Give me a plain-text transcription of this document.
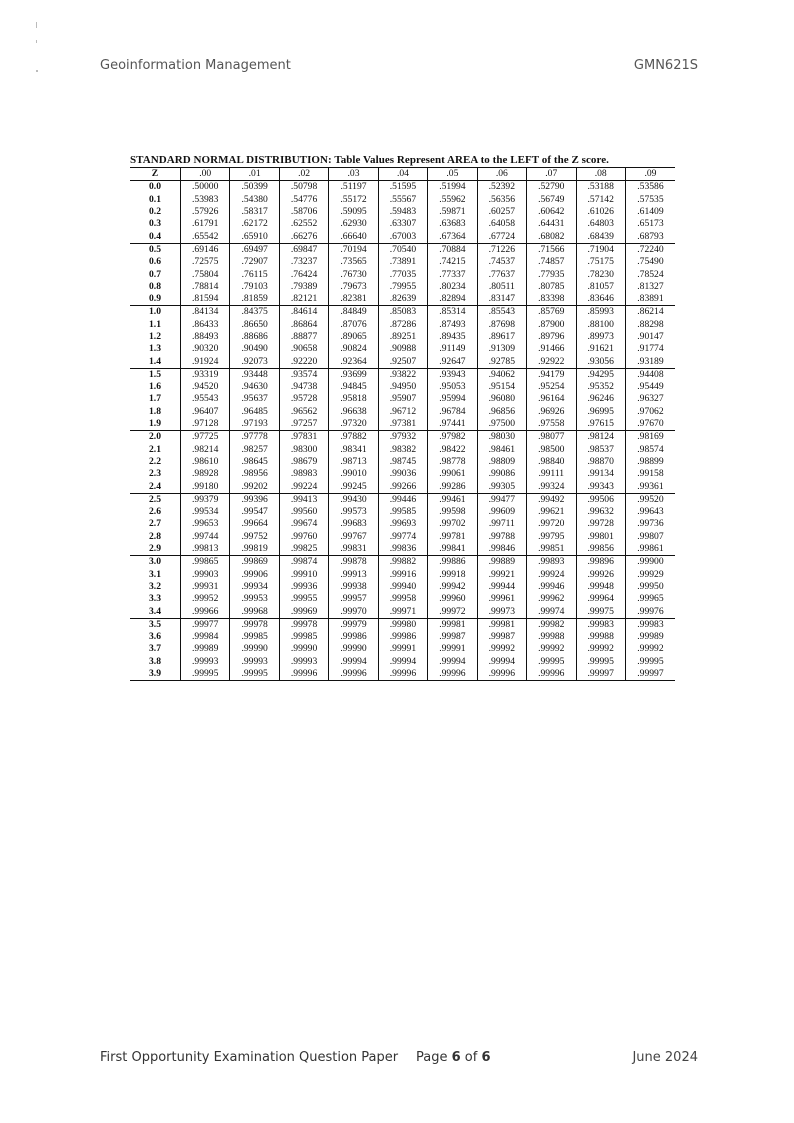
Geoinformation Management	GMN621S
STANDARD NORMAL DISTRIBUTION: Table Values Represent AREA to the LEFT of the Z score.
Z	.00	.01	.02	.03	.04	.05	.06	.07	.08	.09
0.0	.50000	.50399	.50798	.51197	.51595	.51994	.52392	.52790	.53188	.53586
0.1	.53983	.54380	.54776	.55172	.55567	.55962	.56356	.56749	.57142	.57535
0.2	.57926	.58317	.58706	.59095	.59483	.59871	.60257	.60642	.61026	.61409
0.3	.61791	.62172	.62552	.62930	.63307	.63683	.64058	.64431	.64803	.65173
0.4	.65542	.65910	.66276	.66640	.67003	.67364	.67724	.68082	.68439	.68793
0.5	.69146	.69497	.69847	.70194	.70540	.70884	.71226	.71566	.71904	.72240
0.6	.72575	.72907	.73237	.73565	.73891	.74215	.74537	.74857	.75175	.75490
0.7	.75804	.76115	.76424	.76730	.77035	.77337	.77637	.77935	.78230	.78524
0.8	.78814	.79103	.79389	.79673	.79955	.80234	.80511	.80785	.81057	.81327
0.9	.81594	.81859	.82121	.82381	.82639	.82894	.83147	.83398	.83646	.83891
1.0	.84134	.84375	.84614	.84849	.85083	.85314	.85543	.85769	.85993	.86214
1.1	.86433	.86650	.86864	.87076	.87286	.87493	.87698	.87900	.88100	.88298
1.2	.88493	.88686	.88877	.89065	.89251	.89435	.89617	.89796	.89973	.90147
1.3	.90320	.90490	.90658	.90824	.90988	.91149	.91309	.91466	.91621	.91774
1.4	.91924	.92073	.92220	.92364	.92507	.92647	.92785	.92922	.93056	.93189
1.5	.93319	.93448	.93574	.93699	.93822	.93943	.94062	.94179	.94295	.94408
1.6	.94520	.94630	.94738	.94845	.94950	.95053	.95154	.95254	.95352	.95449
1.7	.95543	.95637	.95728	.95818	.95907	.95994	.96080	.96164	.96246	.96327
1.8	.96407	.96485	.96562	.96638	.96712	.96784	.96856	.96926	.96995	.97062
1.9	.97128	.97193	.97257	.97320	.97381	.97441	.97500	.97558	.97615	.97670
2.0	.97725	.97778	.97831	.97882	.97932	.97982	.98030	.98077	.98124	.98169
2.1	.98214	.98257	.98300	.98341	.98382	.98422	.98461	.98500	.98537	.98574
2.2	.98610	.98645	.98679	.98713	.98745	.98778	.98809	.98840	.98870	.98899
2.3	.98928	.98956	.98983	.99010	.99036	.99061	.99086	.99111	.99134	.99158
2.4	.99180	.99202	.99224	.99245	.99266	.99286	.99305	.99324	.99343	.99361
2.5	.99379	.99396	.99413	.99430	.99446	.99461	.99477	.99492	.99506	.99520
2.6	.99534	.99547	.99560	.99573	.99585	.99598	.99609	.99621	.99632	.99643
2.7	.99653	.99664	.99674	.99683	.99693	.99702	.99711	.99720	.99728	.99736
2.8	.99744	.99752	.99760	.99767	.99774	.99781	.99788	.99795	.99801	.99807
2.9	.99813	.99819	.99825	.99831	.99836	.99841	.99846	.99851	.99856	.99861
3.0	.99865	.99869	.99874	.99878	.99882	.99886	.99889	.99893	.99896	.99900
3.1	.99903	.99906	.99910	.99913	.99916	.99918	.99921	.99924	.99926	.99929
3.2	.99931	.99934	.99936	.99938	.99940	.99942	.99944	.99946	.99948	.99950
3.3	.99952	.99953	.99955	.99957	.99958	.99960	.99961	.99962	.99964	.99965
3.4	.99966	.99968	.99969	.99970	.99971	.99972	.99973	.99974	.99975	.99976
3.5	.99977	.99978	.99978	.99979	.99980	.99981	.99981	.99982	.99983	.99983
3.6	.99984	.99985	.99985	.99986	.99986	.99987	.99987	.99988	.99988	.99989
3.7	.99989	.99990	.99990	.99990	.99991	.99991	.99992	.99992	.99992	.99992
3.8	.99993	.99993	.99993	.99994	.99994	.99994	.99994	.99995	.99995	.99995
3.9	.99995	.99995	.99996	.99996	.99996	.99996	.99996	.99996	.99997	.99997
First Opportunity Examination Question Paper Page 6 of 6	June 2024
